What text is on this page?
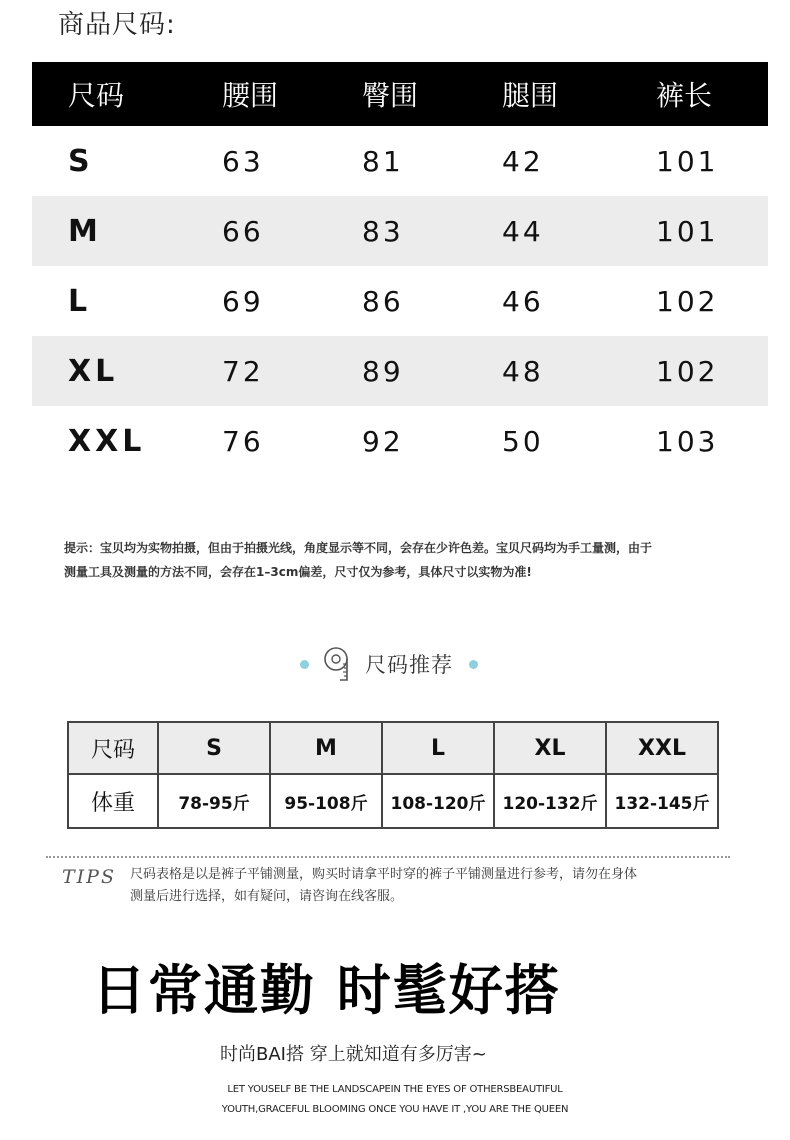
商品尺码:
尺码	腰围	臀围	腿围	裤长
S	63	81	42	101
M	66	83	44	101
L	69	86	46	102
XL	72	89	48	102
XXL	76	92	50	103
提示：宝贝均为实物拍摄，但由于拍摄光线，角度显示等不同，会存在少许色差。宝贝尺码均为手工量测，由于
测量工具及测量的方法不同，会存在1–3cm偏差，尺寸仅为参考，具体尺寸以实物为准!
尺码推荐
尺码	S	M	L	XL	XXL
体重	78-95斤	95-108斤	108-120斤	120-132斤	132-145斤
TIPS 尺码表格是以是裤子平铺测量，购买时请拿平时穿的裤子平铺测量进行参考，请勿在身体
测量后进行选择，如有疑问，请咨询在线客服。
日常通勤 时髦好搭
时尚BAI搭 穿上就知道有多厉害~
LET YOUSELF BE THE LANDSCAPEIN THE EYES OF OTHERSBEAUTIFUL
YOUTH,GRACEFUL BLOOMING ONCE YOU HAVE IT ,YOU ARE THE QUEEN
